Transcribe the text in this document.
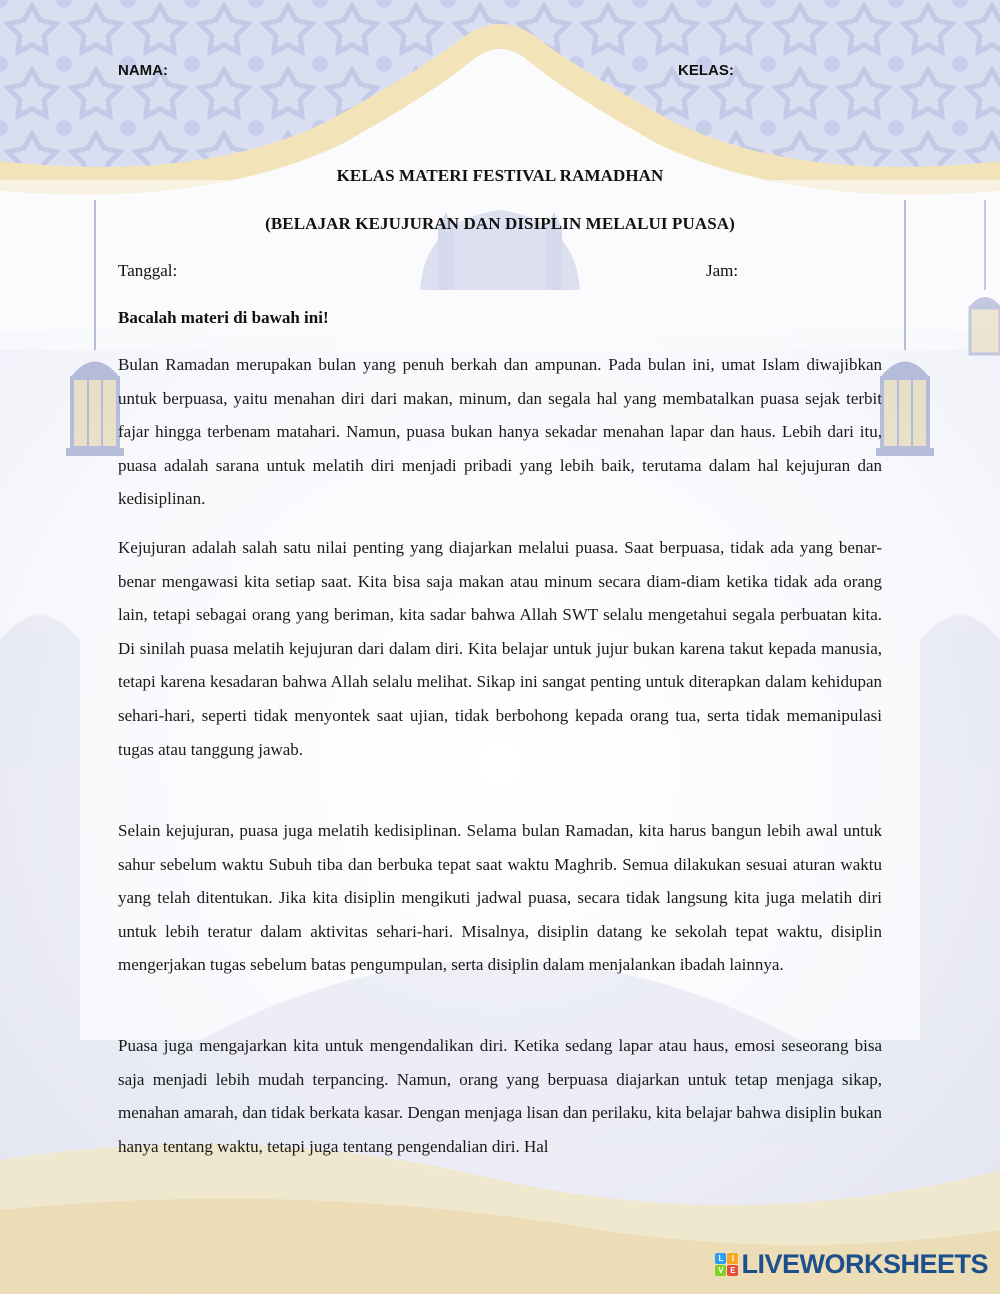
NAMA:	KELAS:
KELAS MATERI FESTIVAL RAMADHAN
(BELAJAR KEJUJURAN DAN DISIPLIN MELALUI PUASA)
Tanggal:	Jam:
Bacalah materi di bawah ini!

Bulan Ramadan merupakan bulan yang penuh berkah dan ampunan. Pada bulan ini, umat Islam diwajibkan untuk berpuasa, yaitu menahan diri dari makan, minum, dan segala hal yang membatalkan puasa sejak terbit fajar hingga terbenam matahari. Namun, puasa bukan hanya sekadar menahan lapar dan haus. Lebih dari itu, puasa adalah sarana untuk melatih diri menjadi pribadi yang lebih baik, terutama dalam hal kejujuran dan kedisiplinan.

Kejujuran adalah salah satu nilai penting yang diajarkan melalui puasa. Saat berpuasa, tidak ada yang benar-benar mengawasi kita setiap saat. Kita bisa saja makan atau minum secara diam-diam ketika tidak ada orang lain, tetapi sebagai orang yang beriman, kita sadar bahwa Allah SWT selalu mengetahui segala perbuatan kita. Di sinilah puasa melatih kejujuran dari dalam diri. Kita belajar untuk jujur bukan karena takut kepada manusia, tetapi karena kesadaran bahwa Allah selalu melihat. Sikap ini sangat penting untuk diterapkan dalam kehidupan sehari-hari, seperti tidak menyontek saat ujian, tidak berbohong kepada orang tua, serta tidak memanipulasi tugas atau tanggung jawab.

Selain kejujuran, puasa juga melatih kedisiplinan. Selama bulan Ramadan, kita harus bangun lebih awal untuk sahur sebelum waktu Subuh tiba dan berbuka tepat saat waktu Maghrib. Semua dilakukan sesuai aturan waktu yang telah ditentukan. Jika kita disiplin mengikuti jadwal puasa, secara tidak langsung kita juga melatih diri untuk lebih teratur dalam aktivitas sehari-hari. Misalnya, disiplin datang ke sekolah tepat waktu, disiplin mengerjakan tugas sebelum batas pengumpulan, serta disiplin dalam menjalankan ibadah lainnya.

Puasa juga mengajarkan kita untuk mengendalikan diri. Ketika sedang lapar atau haus, emosi seseorang bisa saja menjadi lebih mudah terpancing. Namun, orang yang berpuasa diajarkan untuk tetap menjaga sikap, menahan amarah, dan tidak berkata kasar. Dengan menjaga lisan dan perilaku, kita belajar bahwa disiplin bukan hanya tentang waktu, tetapi juga tentang pengendalian diri. Hal

L	I
V E LIVEWORKSHEETS
